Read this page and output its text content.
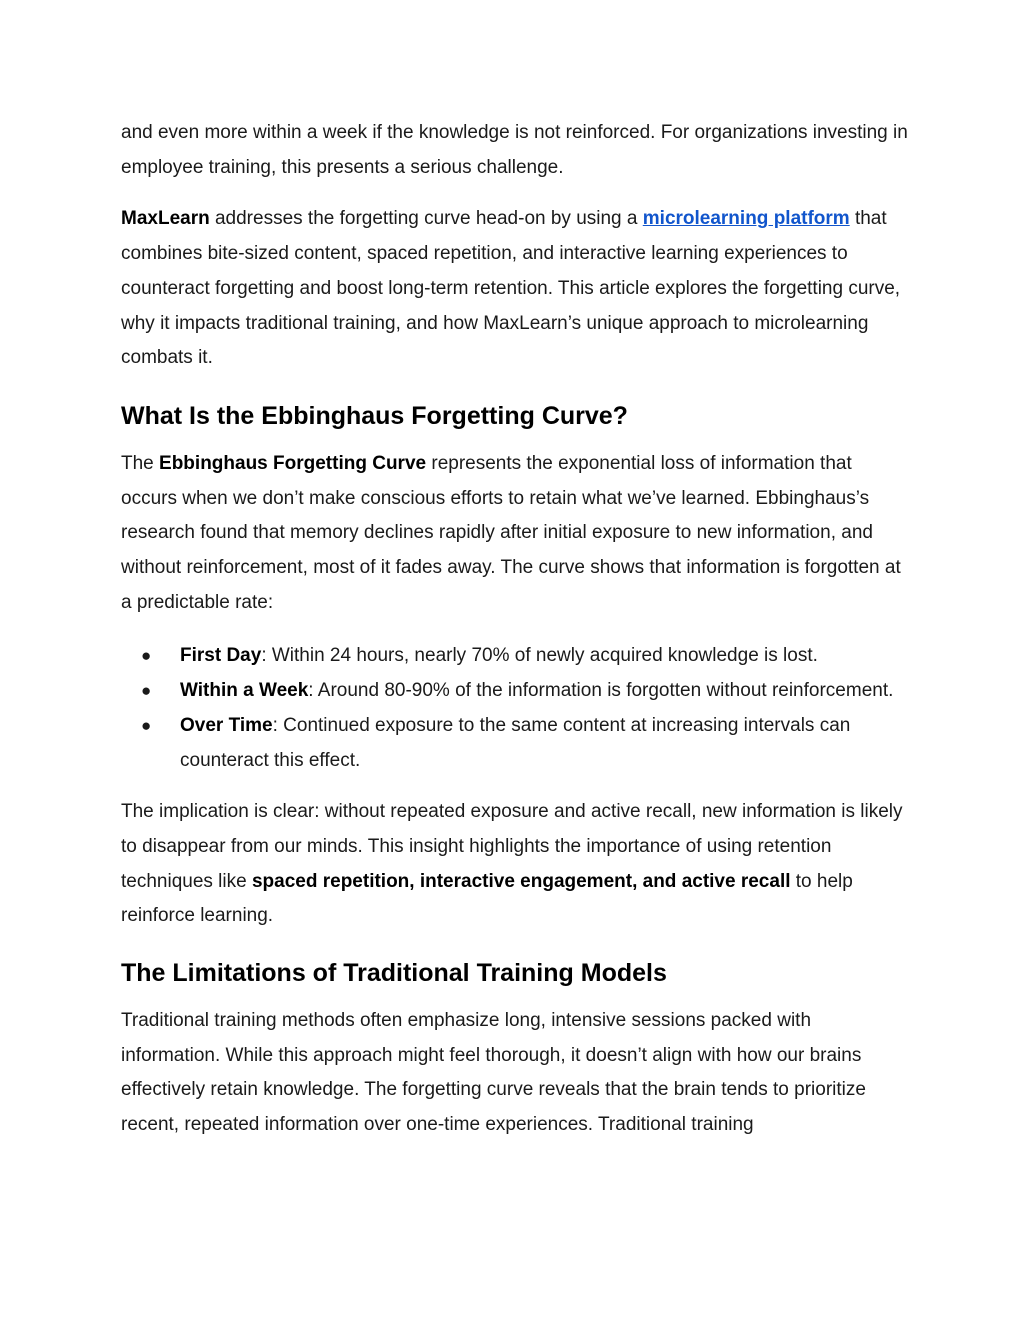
and even more within a week if the knowledge is not reinforced. For organizations investing in employee training, this presents a serious challenge.

MaxLearn addresses the forgetting curve head-on by using a microlearning platform that combines bite-sized content, spaced repetition, and interactive learning experiences to counteract forgetting and boost long-term retention. This article explores the forgetting curve, why it impacts traditional training, and how MaxLearn’s unique approach to microlearning combats it.

What Is the Ebbinghaus Forgetting Curve?

The Ebbinghaus Forgetting Curve represents the exponential loss of information that occurs when we don’t make conscious efforts to retain what we’ve learned. Ebbinghaus’s research found that memory declines rapidly after initial exposure to new information, and without reinforcement, most of it fades away. The curve shows that information is forgotten at a predictable rate:

● First Day: Within 24 hours, nearly 70% of newly acquired knowledge is lost.
● Within a Week: Around 80-90% of the information is forgotten without reinforcement.
● Over Time: Continued exposure to the same content at increasing intervals can counteract this effect.

The implication is clear: without repeated exposure and active recall, new information is likely to disappear from our minds. This insight highlights the importance of using retention techniques like spaced repetition, interactive engagement, and active recall to help reinforce learning.

The Limitations of Traditional Training Models

Traditional training methods often emphasize long, intensive sessions packed with information. While this approach might feel thorough, it doesn’t align with how our brains effectively retain knowledge. The forgetting curve reveals that the brain tends to prioritize recent, repeated information over one-time experiences. Traditional training
